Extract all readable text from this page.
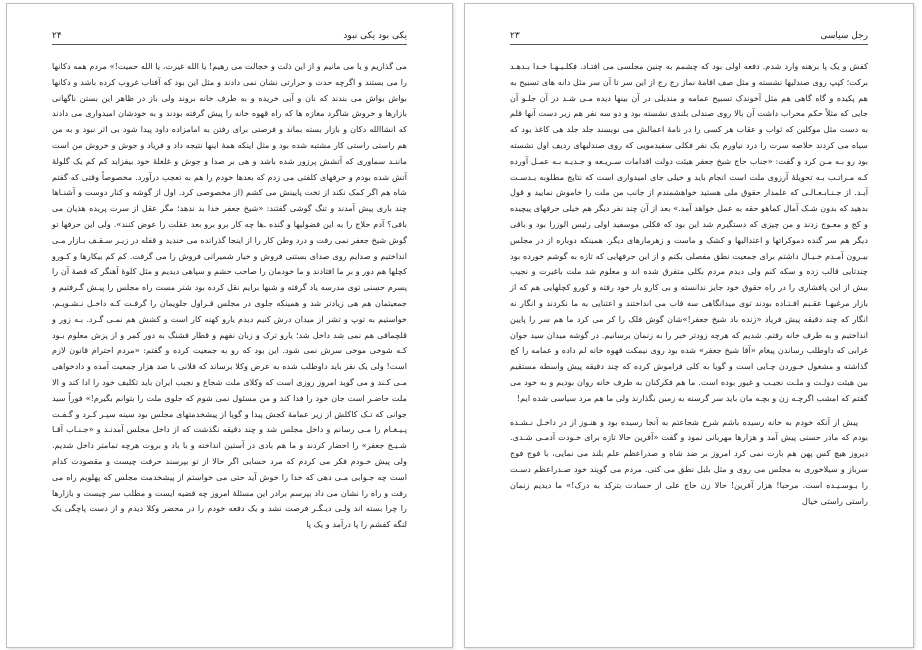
۲۴	یکی بود یکی نبود

می گذاریم و یا می مانیم و از این ذلت و خجالت می رهیم! یا الله غیرت، یا الله حمیت!» مردم همه دکانها را می بستند و اگرچه حدت و حرارتی نشان نمی دادند و مثل این بود که آفتاب غروب کرده باشد و دکانها بواش بواش می بندند که نان و آبی خریده و به طرف خانه بروند ولی باز در ظاهر این بستن ناگهانی بازارها و خروش شاگرد مغازه ها که راه قهوه خانه را پیش گرفته بودند و به خودشان امیدواری می دادند که انشاالله دکان و بازار بسته بماند و فرصتی برای رفتن به امامزاده داود پیدا شود بی اثر نبود و به من هم راستی راستی کار مشتبه شده بود و مثل اینکه همهٔ اینها نتیجه داد و فریاد و جوش و خروش من است ماننـد سماوری که آتشش پرزور شده باشد و هی بر صدا و جوش و غلغلهٔ خود بیفزاید کم کم یک گلولهٔ آتش شده بودم و حرفهای کلفتی می زدم که بعدها خودم را هم به تعجب درآورد. مخصوصاً وقتی که گفتم شاه هم اگر کمک نکند از تخت پایینش می کشم (از مخصوصی کرد. اول از گوشه و کنار دوست و آشنـاها چند باری پیش آمدند و تنگ گوشی گفتند: «شیخ جعفر خدا بد ندهد؛ مگر عقل از سرت پریده هذیان می بافی؟ آدم حلاج را به این فضولیها و گنده ـ‌ها چه کار برو برو بعد عقلت را عوض کنند». ولی این حرفها تو گوش شیخ جعفر نمی رفت و درد وطن کار را از اینجا گذرانده می خندید و قفله در زیـر سـقـف بـازار مـی انداختیم و صدایم روی صدای بستنی فروش و خیار شمیرانی فروش را می گرفت. کم کم بیکارها و کـورو کچلها هم دور و بر ما افتادند و ما خودمان را صاحب حشم و سپاهی دیدیم و مثل کلوهٔ آهنگر که قصهٔ آن را پسرم حسنی توی مدرسه یاد گرفته و شبها برایم نقل کرده بود شتر مست راه مجلس را پیـش گـرفتیم و جمعیتمان هم هی زیادتر شد و همینکه جلوی در مجلس قـراول جلویمان را گرفـت کـه داخـل نـشـویـم، خواستیم به توپ و تشر از میدان درش کنیم دیدم یارو کهنه کار است و کشش هم نمـی گـرد. بـه زور و قلچماقی هم نمی شد داخل شد؛ یارو ترک و زبان نفهم و قطار فشنگ به دور کمر و از پزش معلوم بـود کـه شوخی موخی سرش نمی شود. این بود که رو به جمعیت کرده و گفتم: «مردم احترام قانون لازم است! ولی یک نفر باید داوطلب شده به عرض وکلا برساند که فلانی با صد هزار جمعیت آمده و دادخواهی مـی کـند و می گوید امروز روزی است که وکلای ملت شجاع و نجیب ایران باید تکلیف خود را ادا کند و الا ملت حاضـر است جان خود را فدا کند و من مسئول نمی شوم که جلوی ملت را بتوانم بگیرم!» فوراً سید جوانی که تـک کاکلش از زیر عمامهٔ کجش پیدا و گویا از پیشخدمتهای مجلس بود سینه سپـر کـرد و گـفـت پـیـغـام را مـی رسانم و داخل مجلس شد و چند دقیقه نگذشت که از داخل مجلس آمدنـد و «جـنـاب آقـا شـیـخ جعفر» را احضار کردند و ما هم بادی در آستین انداخته و با باد و بروت هرچه تمامتر داخل شدیم. ولی پیش خـودم فکر می کردم که مرد حسابی اگر حالا از تو بپرسند حرفت چیست و مقصودت کدام است چه جـوابی مـی دهی که خدا را خوش آید حتی می خواستم از پیشخدمت مجلس که پهلویم راه می رفت و راه را نشان می داد بپرسم برادر این مسئلهٔ امروز چه قضیه ایست و مطلب سر چیست و بازارها را چرا بسته اند ولـی دیـگـر فرصت نشد و یک دفعه خودم را در محضر وکلا دیدم و از دست پاچگی یک لنگه کفشم را پا درآمد و یک پا

۲۳	رجل سیاسی

کفش و یک پا برهنه وارد شدم. دفعه اولی بود که چشمم به چنین مجلسی می افتـاد. فکلـیـهـا خـدا بـدهـد برکت؛ کپپ روی صندلیها نشسته و مثل صف اقامهٔ نماز رج رج از این سر تا آن سر مثل دانه های تسبیح به هم پکیده و گاه گاهی هم مثل آخوندک تسبیح عمامه و مندیلی در آن بینها دیده مـی شـد در آن جلـو آن جایی که مثلاً حکم محراب داشت آن بالا روی صندلی بلندی نشسته بود و دو سه نفر هم زیر دست آنها قلم به دست مثل موکلین که ثواب و عقاب هر کسی را در نامهٔ اعمالش می نویسند جلد جلد هی کاغذ بود که سیاه می کردند خلاصه سرت را درد نیاورم یک نفر فکلی سفیدمویی که روی صندلیهای ردیف اول نشسته بود رو بـه مـن کرد و گفت: «جناب حاج شیخ جعفر هیئت دولت اقدامات سـریـعه و جـدیـه بـه عمـل آورده کـه مـراتـب بـه تحویلهٔ آرزوی ملت است انجام باید و خیلی جای امیدواری است که نتایج مطلوبه بـدسـت آیـد. از جـنـابـعـالـی که علمدار حقوق ملی هستید خواهشمندم از جانب من ملت را خاموش نمایید و قول بدهید که بدون شـک آمال کماهو حقه به عمل خواهد آمد.» بعد از آن چند نفر دیگر هم خیلی حرفهای پیچیده و کج و معـوج زدند و من چیزی که دستگیرم شد این بود که فکلی موسفید اولی رئیس الوزرا بود و باقی دیگر هم سر گنده دموکراتها و اعتدالیها و کشک و ماست و زهرمارهای دیگر. همینکه دوباره از در مجلس بیـرون آمـدم خـیـال داشتم برای جمعیت نطق مفصلی بکنم و از این حرفهایی که تازه به گوشم خورده بود چندتایی قالب زده و سکه کنم ولی دیدم مردم بکلی متفرق شده اند و معلوم شد ملت باغیرت و نجیب بیش از این پافشاری را در راه حقوق خود جایز ندانسته و بی کارو بار خود رفته و کورو کچلهایی هم که از بازار مرغیهـا عقـبم افـتـاده بودند توی میدانگاهی سه قاب می انداختند و اعتنایی به ما نکردند و انگار نه انگار که چند دقیقه پیش فریاد «زنده باد شیخ جعفر!»شان گوش فلک را کر می کرد ما هم سر را پایین انداختیم و به طرف خانه رفتم. شدیم که هرچه زودتر خبر را به زنمان برسانیم. در گوشه میدان سید جوان غرابی که داوطلب رساندن پیغام «آقا شیخ جعفر» شده بود روی نیمکت قهوه خانه لم داده و عمامه را کج گذاشته و مشغول خـوردن چـایی است و گویا به کلی فراموش کرده که چند دقیقه پیش واسطه مستقیم بین هیئت دولـت و ملـت نجیـب و غیور بوده است. ما هم فکرکنان به طرف خانه روان بودیم و به خود می گفتم که امشب اگرچـه زن و بچـه مان باید سر گرسنه به زمین بگذارند ولی ما هم مرد سیاسی شده ایم!

پیش از آنکه خودم به خانه رسیده باشم شرح شجاعتم به آنجا رسیده بود و هنـوز از در داخـل نـشـده بودم که مادر حسنی پیش آمد و هزارها مهربانی نمود و گفت «آفرین حالا تازه برای خـودت آدمـی شـدی. دیروز هیچ کس پهن هم بارت نمی کرد امروز بر ضد شاه و صدراعظم علم بلند می نمایی، با فوج فوج سرباز و سیلاخوری به مجلس می روی و مثل بلبل نطق می کنی. مردم می گویند خود صـدراعظم دسـت را بـوسـیـده است. مرحبا! هزار آفرین! حالا زن حاج علی از حسادت بترکد به درک!» ما دیدیم زنمان راستی راستی خیال
